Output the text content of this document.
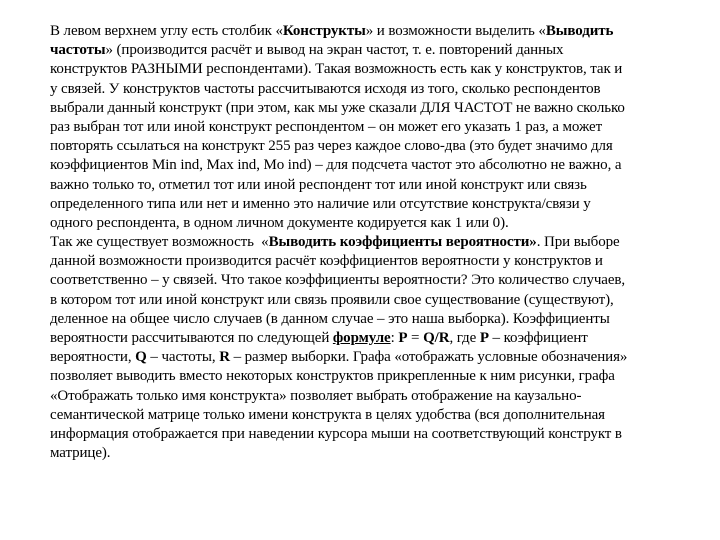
В левом верхнем углу есть столбик «Конструкты» и возможности выделить «Выводить
частоты» (производится расчёт и вывод на экран частот, т. е. повторений данных
конструктов РАЗНЫМИ респондентами). Такая возможность есть как у конструктов, так и
у связей. У конструктов частоты рассчитываются исходя из того, сколько респондентов
выбрали данный конструкт (при этом, как мы уже сказали ДЛЯ ЧАСТОТ не важно сколько
раз выбран тот или иной конструкт респондентом – он может его указать 1 раз, а может
повторять ссылаться на конструкт 255 раз через каждое слово-два (это будет значимо для
коэффициентов Min ind, Max ind, Mo ind) – для подсчета частот это абсолютно не важно, а
важно только то, отметил тот или иной респондент тот или иной конструкт или связь
определенного типа или нет и именно это наличие или отсутствие конструкта/связи у
одного респондента, в одном личном документе кодируется как 1 или 0).
Так же существует возможность  «Выводить коэффициенты вероятности». При выборе
данной возможности производится расчёт коэффициентов вероятности у конструктов и
соответственно – у связей. Что такое коэффициенты вероятности? Это количество случаев,
в котором тот или иной конструкт или связь проявили свое существование (существуют),
деленное на общее число случаев (в данном случае – это наша выборка). Коэффициенты
вероятности рассчитываются по следующей формуле: P = Q/R, где P – коэффициент
вероятности, Q – частоты, R – размер выборки. Графа «отображать условные обозначения»
позволяет выводить вместо некоторых конструктов прикрепленные к ним рисунки, графа
«Отображать только имя конструкта» позволяет выбрать отображение на каузально-
семантической матрице только имени конструкта в целях удобства (вся дополнительная
информация отображается при наведении курсора мыши на соответствующий конструкт в
матрице).
